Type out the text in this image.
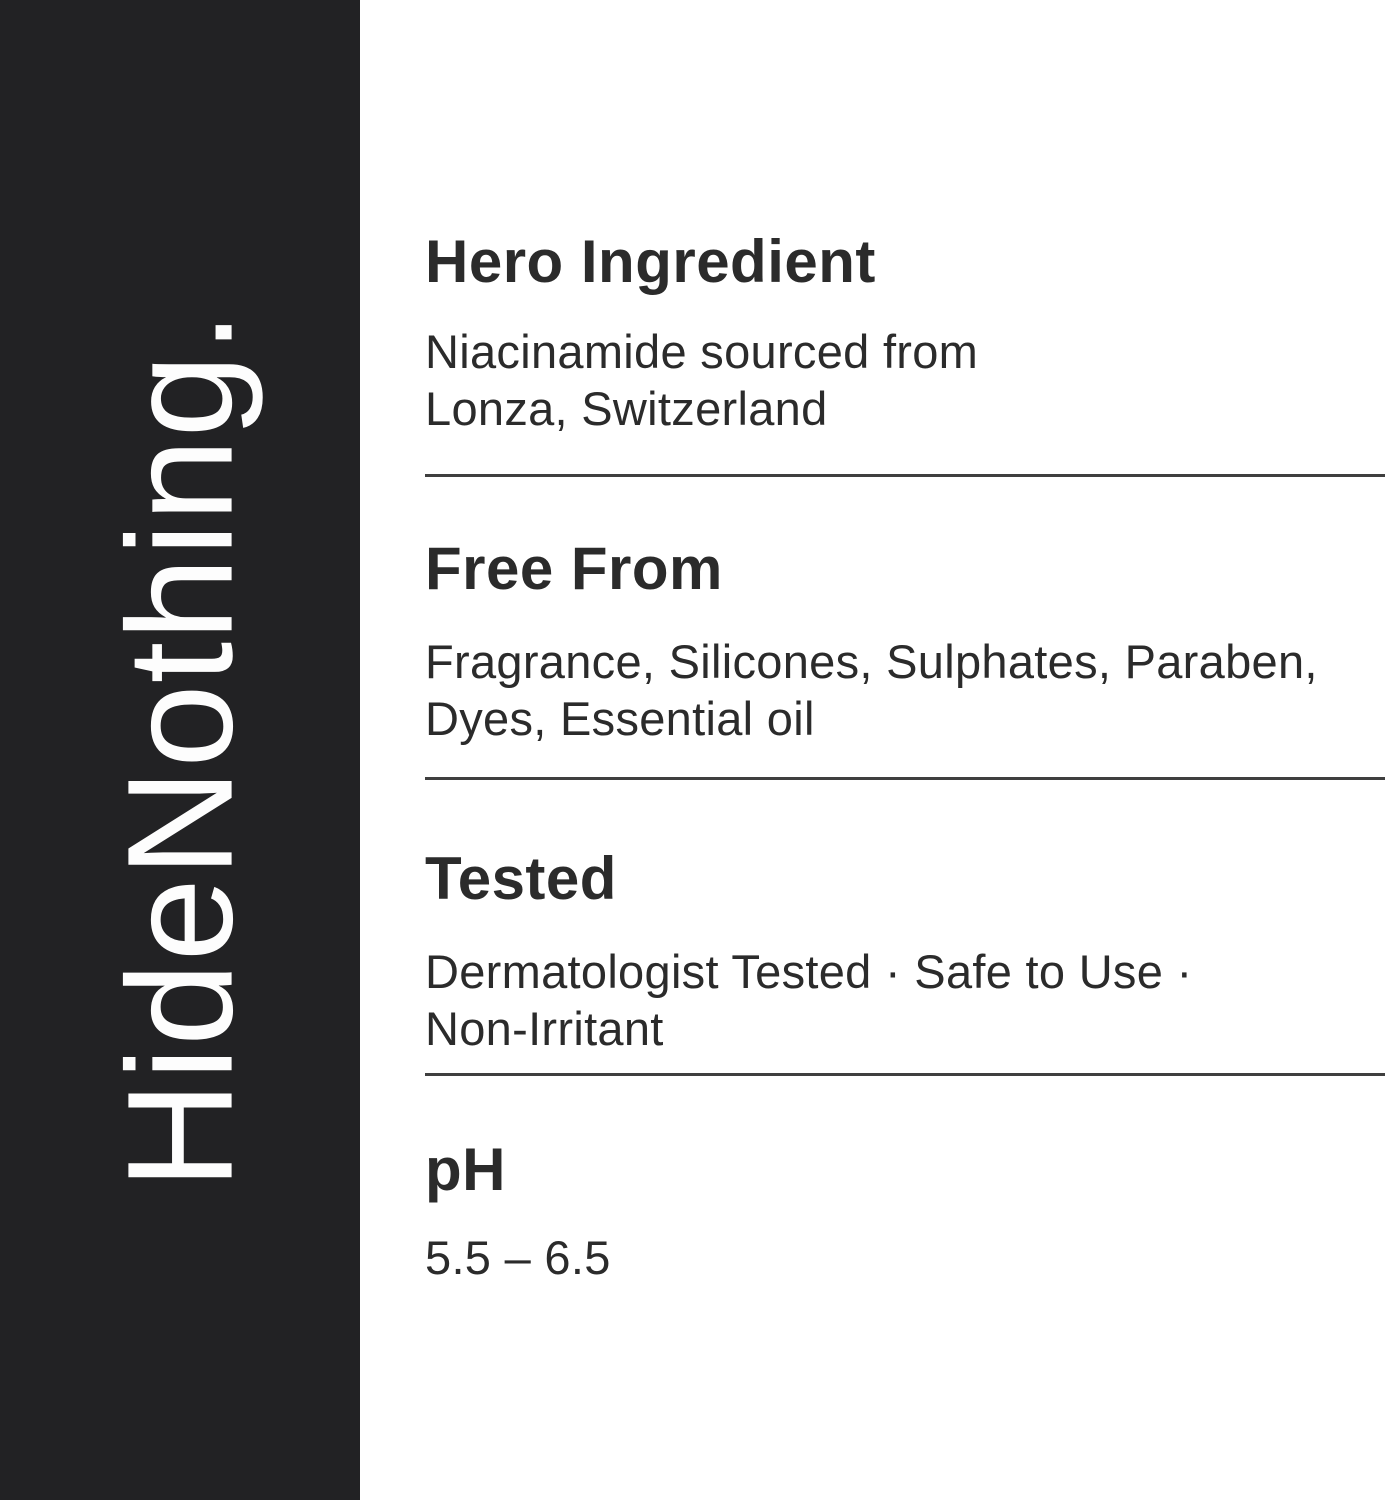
HideNothing.
Hero Ingredient
Niacinamide sourced from
Lonza, Switzerland
Free From
Fragrance, Silicones, Sulphates, Paraben,
Dyes, Essential oil
Tested
Dermatologist Tested · Safe to Use ·
Non-Irritant
pH
5.5 – 6.5
